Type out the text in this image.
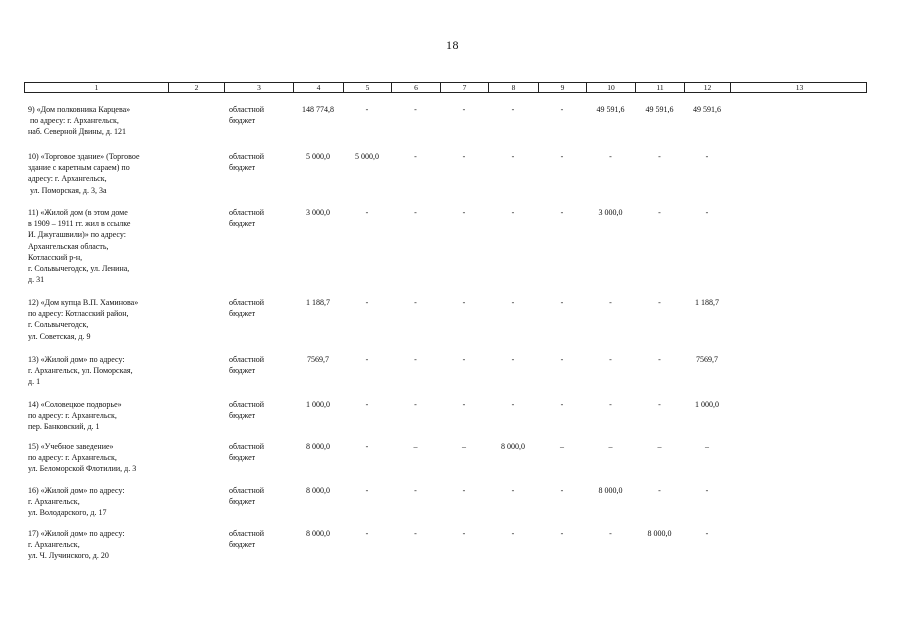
18
1	2	3	4	5	6	7	8	9	10	11	12	13
9) «Дом полковника Карцева»
по адресу: г. Архангельск,
наб. Северной Двины, д. 121
областной
бюджет
148 774,8	-	-	-	-	-	49 591,6	49 591,6	49 591,6
10) «Торговое здание» (Торговое
здание с каретным сараем) по
адресу: г. Архангельск,
ул. Поморская, д. 3, 3а
областной
бюджет
5 000,0	5 000,0	-	-	-	-	-	-	-
11) «Жилой дом (в этом доме
в 1909 – 1911 гг. жил в ссылке
И. Джугашвили)» по адресу:
Архангельская область,
Котласский р-н,
г. Сольвычегодск, ул. Ленина,
д. 31
областной
бюджет
3 000,0	-	-	-	-	-	3 000,0	-	-
12) «Дом купца В.П. Хаминова»
по адресу: Котласский район,
г. Сольвычегодск,
ул. Советская, д. 9
областной
бюджет
1 188,7	-	-	-	-	-	-	-	1 188,7
13) «Жилой дом» по адресу:
г. Архангельск, ул. Поморская,
д. 1
областной
бюджет
7569,7	-	-	-	-	-	-	-	7569,7
14) «Соловецкое подворье»
по адресу: г. Архангельск,
пер. Банковский, д. 1
областной
бюджет
1 000,0	-	-	-	-	-	-	-	1 000,0
15) «Учебное заведение»
по адресу: г. Архангельск,
ул. Беломорской Флотилии, д. 3
областной
бюджет
8 000,0	-	–	–	8 000,0	–	–	–	–
16) «Жилой дом» по адресу:
г. Архангельск,
ул. Володарского, д. 17
областной
бюджет
8 000,0	-	-	-	-	-	8 000,0	-	-
17) «Жилой дом» по адресу:
г. Архангельск,
ул. Ч. Лучинского, д. 20
областной
бюджет
8 000,0	-	-	-	-	-	-	8 000,0	-
